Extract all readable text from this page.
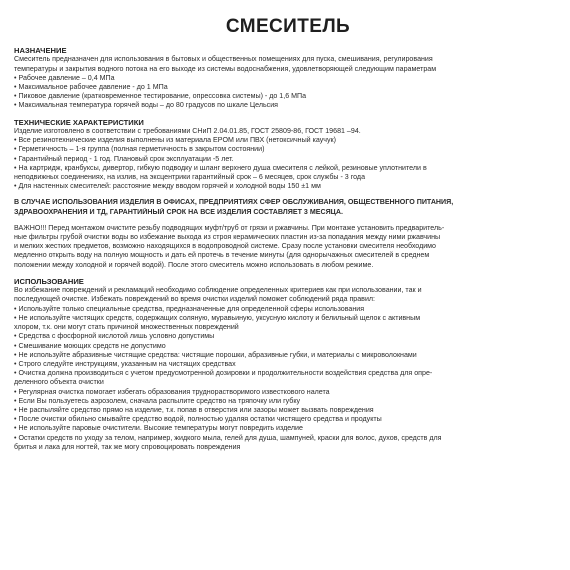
СМЕСИТЕЛЬ
НАЗНАЧЕНИЕ
Смеситель предназначен для использования в бытовых и общественных помещениях для пуска, смешивания, регулирования
температуры и закрытия водного потока на его выходе из системы водоснабжения, удовлетворяющей следующим параметрам
• Рабочее давление – 0,4 МПа
• Максимальное рабочее давление - до 1 МПа
• Пиковое давление (кратковременное тестирование, опрессовка системы) - до 1,6 МПа
• Максимальная температура горячей воды – до 80 градусов по шкале Цельсия
ТЕХНИЧЕСКИЕ ХАРАКТЕРИСТИКИ
Изделие изготовлено в соответствии с требованиями СНиП 2.04.01.85, ГОСТ 25809-86, ГОСТ 19681 –94.
• Все резинотехнические изделия выполнены из материала EPOM или ПВХ (нетоксичный каучук)
• Герметичность – 1-я группа (полная герметичность в закрытом состоянии)
• Гарантийный период - 1 год. Плановый срок эксплуатации -5 лет.
• На картридж, кранбуксы, дивертор, гибкую подводку и шланг верхнего душа смесителя с лейкой, резиновые уплотнители в
неподвижных соединениях, на излив, на эксцентрики гарантийный срок – 6 месяцев, срок службы - 3 года
• Для настенных смесителей: расстояние между вводом горячей и холодной воды 150 ±1 мм
В СЛУЧАЕ ИСПОЛЬЗОВАНИЯ ИЗДЕЛИЯ В ОФИСАХ, ПРЕДПРИЯТИЯХ СФЕР ОБСЛУЖИВАНИЯ, ОБЩЕСТВЕННОГО ПИТАНИЯ,
ЗДРАВООХРАНЕНИЯ И ТД, ГАРАНТИЙНЫЙ СРОК НА ВСЕ ИЗДЕЛИЯ СОСТАВЛЯЕТ 3 МЕСЯЦА.
ВАЖНО!!! Перед монтажом очистите резьбу подводящих муфт/труб от грязи и ржавчины. При монтаже установить предваритель-
ные фильтры грубой очистки воды во избежание выхода из строя керамических пластин из-за попадания между ними ржавчины
и мелких жестких предметов, возможно находящихся в водопроводной системе. Сразу после установки смесителя необходимо
медленно открыть воду на полную мощность и дать ей протечь в течение минуты (для однорычажных смесителей в среднем
положении между холодной и горячей водой). После этого смеситель можно использовать в любом режиме.
ИСПОЛЬЗОВАНИЕ
Во избежание повреждений и рекламаций необходимо соблюдение определенных критериев как при использовании, так и
последующей очистке. Избежать повреждений во время очистки изделий поможет соблюдений ряда правил:
• Используйте только специальные средства, предназначенные для определенной сферы использования
• Не используйте чистящих средств, содержащих соляную, муравьиную, уксусную кислоту и белильный щелок с активным
хлором, т.к. они могут стать причиной множественных повреждений
• Средства с фосфорной кислотой лишь условно допустимы
• Смешивание моющих средств не допустимо
• Не используйте абразивные чистящие средства: чистящие порошки, абразивные губки, и материалы с микроволокнами
• Строго следуйте инструкциям, указанным на чистящих средствах
• Очистка должна производиться с учетом предусмотренной дозировки и продолжительности воздействия средства для опре-
деленного объекта очистки
• Регулярная очистка помогает избегать образования труднорастворимого известкового налета
• Если Вы пользуетесь аэрозолем, сначала распылите средство на тряпочку или губку
• Не распыляйте средство прямо на изделие, т.к. попав в отверстия или зазоры может вызвать повреждения
• После очистки обильно смывайте средство водой, полностью удаляя остатки чистящего средства и продукты
• Не используйте паровые очистители. Высокие температуры могут повредить изделие
• Остатки средств по уходу за телом, например, жидкого мыла, гелей для душа, шампуней, краски для волос, духов, средств для
бритья и лака для ногтей, так же могу спровоцировать повреждения
